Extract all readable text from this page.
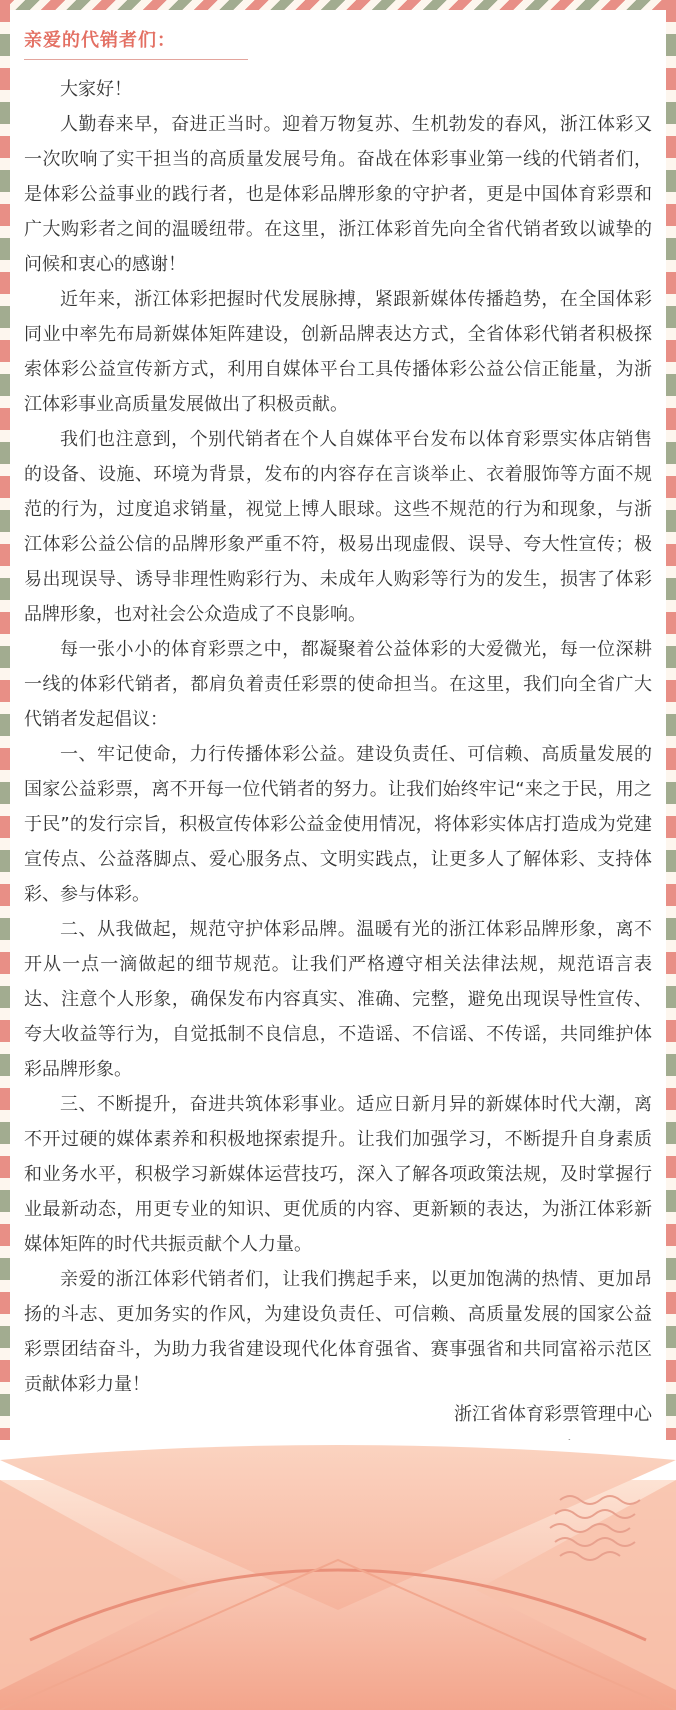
亲爱的代销者们：

大家好！

人勤春来早，奋进正当时。迎着万物复苏、生机勃发的春风，浙江体彩又一次吹响了实干担当的高质量发展号角。奋战在体彩事业第一线的代销者们，是体彩公益事业的践行者，也是体彩品牌形象的守护者，更是中国体育彩票和广大购彩者之间的温暖纽带。在这里，浙江体彩首先向全省代销者致以诚挚的问候和衷心的感谢！

近年来，浙江体彩把握时代发展脉搏，紧跟新媒体传播趋势，在全国体彩同业中率先布局新媒体矩阵建设，创新品牌表达方式，全省体彩代销者积极探索体彩公益宣传新方式，利用自媒体平台工具传播体彩公益公信正能量，为浙江体彩事业高质量发展做出了积极贡献。

我们也注意到，个别代销者在个人自媒体平台发布以体育彩票实体店销售的设备、设施、环境为背景，发布的内容存在言谈举止、衣着服饰等方面不规范的行为，过度追求销量，视觉上博人眼球。这些不规范的行为和现象，与浙江体彩公益公信的品牌形象严重不符，极易出现虚假、误导、夸大性宣传；极易出现误导、诱导非理性购彩行为、未成年人购彩等行为的发生，损害了体彩品牌形象，也对社会公众造成了不良影响。

每一张小小的体育彩票之中，都凝聚着公益体彩的大爱微光，每一位深耕一线的体彩代销者，都肩负着责任彩票的使命担当。在这里，我们向全省广大代销者发起倡议：

一、牢记使命，力行传播体彩公益。建设负责任、可信赖、高质量发展的国家公益彩票，离不开每一位代销者的努力。让我们始终牢记“来之于民，用之于民”的发行宗旨，积极宣传体彩公益金使用情况，将体彩实体店打造成为党建宣传点、公益落脚点、爱心服务点、文明实践点，让更多人了解体彩、支持体彩、参与体彩。

二、从我做起，规范守护体彩品牌。温暖有光的浙江体彩品牌形象，离不开从一点一滴做起的细节规范。让我们严格遵守相关法律法规，规范语言表达、注意个人形象，确保发布内容真实、准确、完整，避免出现误导性宣传、夸大收益等行为，自觉抵制不良信息，不造谣、不信谣、不传谣，共同维护体彩品牌形象。

三、不断提升，奋进共筑体彩事业。适应日新月异的新媒体时代大潮，离不开过硬的媒体素养和积极地探索提升。让我们加强学习，不断提升自身素质和业务水平，积极学习新媒体运营技巧，深入了解各项政策法规，及时掌握行业最新动态，用更专业的知识、更优质的内容、更新颖的表达，为浙江体彩新媒体矩阵的时代共振贡献个人力量。

亲爱的浙江体彩代销者们，让我们携起手来，以更加饱满的热情、更加昂扬的斗志、更加务实的作风，为建设负责任、可信赖、高质量发展的国家公益彩票团结奋斗，为助力我省建设现代化体育强省、赛事强省和共同富裕示范区贡献体彩力量！

浙江省体育彩票管理中心
